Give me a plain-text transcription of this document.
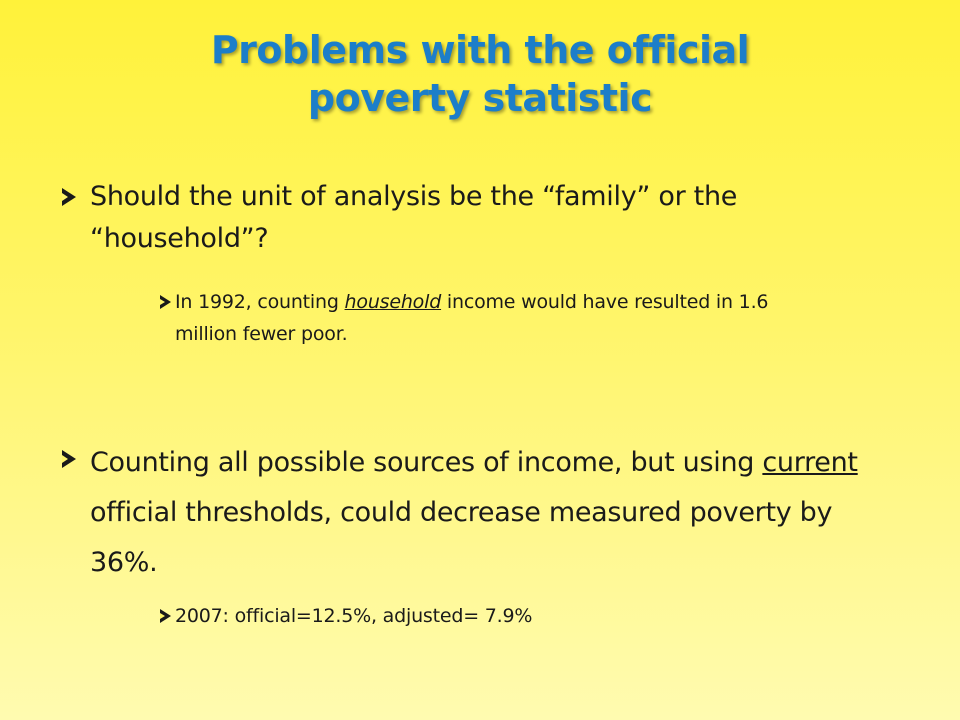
Problems with the official
poverty statistic
Should the unit of analysis be the “family” or the “household”?
In 1992, counting household income would have resulted in 1.6 million fewer poor.
Counting all possible sources of income, but using current official thresholds, could decrease measured poverty by 36%.
2007: official=12.5%, adjusted= 7.9%
